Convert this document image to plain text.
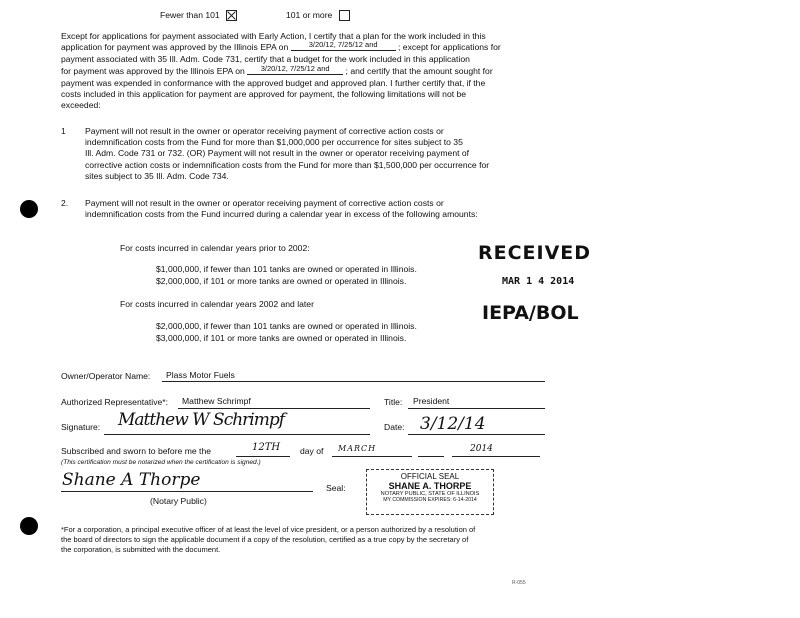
Fewer than 101	101 or more
Except for applications for payment associated with Early Action, I certify that a plan for the work included in this
application for payment was approved by the Illinois EPA on	3/20/12, 7/25/12 and ; except for applications for
payment associated with 35 Ill. Adm. Code 731, certify that a budget for the work included in this application
for payment was approved by the Illinois EPA on 3/20/12, 7/25/12 and ; and certify that the amount sought for
payment was expended in conformance with the approved budget and approved plan. I further certify that, if the
costs included in this application for payment are approved for payment, the following limitations will not be
exceeded:
1 Payment will not result in the owner or operator receiving payment of corrective action costs or
indemnification costs from the Fund for more than $1,000,000 per occurrence for sites subject to 35
Ill. Adm. Code 731 or 732. (OR) Payment will not result in the owner or operator receiving payment of
corrective action costs or indemnification costs from the Fund for more than $1,500,000 per occurrence for
sites subject to 35 Ill. Adm. Code 734.
2. Payment will not result in the owner or operator receiving payment of corrective action costs or
indemnification costs from the Fund incurred during a calendar year in excess of the following amounts:
For costs incurred in calendar years prior to 2002:
$1,000,000, if fewer than 101 tanks are owned or operated in Illinois.
$2,000,000, if 101 or more tanks are owned or operated in Illinois.
For costs incurred in calendar years 2002 and later
$2,000,000, if fewer than 101 tanks are owned or operated in Illinois.
$3,000,000, if 101 or more tanks are owned or operated in Illinois.
RECEIVED
MAR 1 4 2014
IEPA/BOL
Owner/Operator Name: Plass Motor Fuels
Authorized Representative*: Matthew Schrimpf	Title: President
Signature: Matthew W Schrimpf	Date: 3/12/14
Subscribed and sworn to before me the	12TH day of MARCH	2014
(This certification must be notarized when the certification is signed.)
Shane A Thorpe	Seal:
(Notary Public)
OFFICIAL SEAL
SHANE A. THORPE
NOTARY PUBLIC, STATE OF ILLINOIS
MY COMMISSION EXPIRES: 6-14-2014
*For a corporation, a principal executive officer of at least the level of vice president, or a person authorized by a resolution of
the board of directors to sign the applicable document if a copy of the resolution, certified as a true copy by the secretary of
the corporation, is submitted with the document.
R-055
